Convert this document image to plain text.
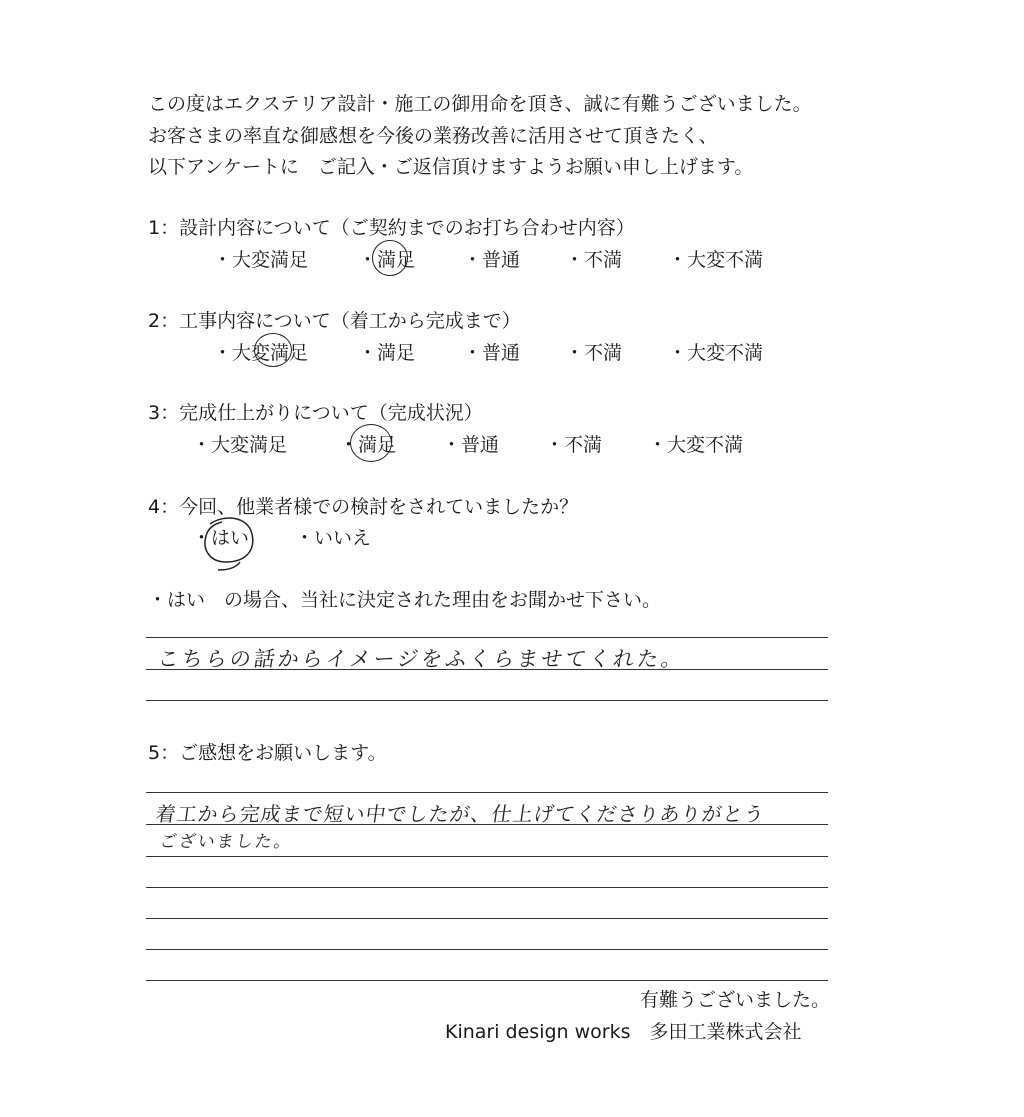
この度はエクステリア設計・施工の御用命を頂き、誠に有難うございました。
お客さまの率直な御感想を今後の業務改善に活用させて頂きたく、
以下アンケートに　ご記入・ご返信頂けますようお願い申し上げます。
1：設計内容について（ご契約までのお打ち合わせ内容）
・大変満足	・満足	・普通 ・不満 ・大変不満
2：工事内容について（着工から完成まで）
・大変満足	・満足	・普通 ・不満 ・大変不満
3：完成仕上がりについて（完成状況）
・大変満足	・満足 ・普通 ・不満 ・大変不満
4：今回、他業者様での検討をされていましたか？
・はい ・いいえ
・はい　の場合、当社に決定された理由をお聞かせ下さい。
こちらの話からイメージをふくらませてくれた。
5：ご感想をお願いします。
着工から完成まで短い中でしたが、仕上げてくださりありがとう
ございました。
有難うございました。
Kinari design works　多田工業株式会社
